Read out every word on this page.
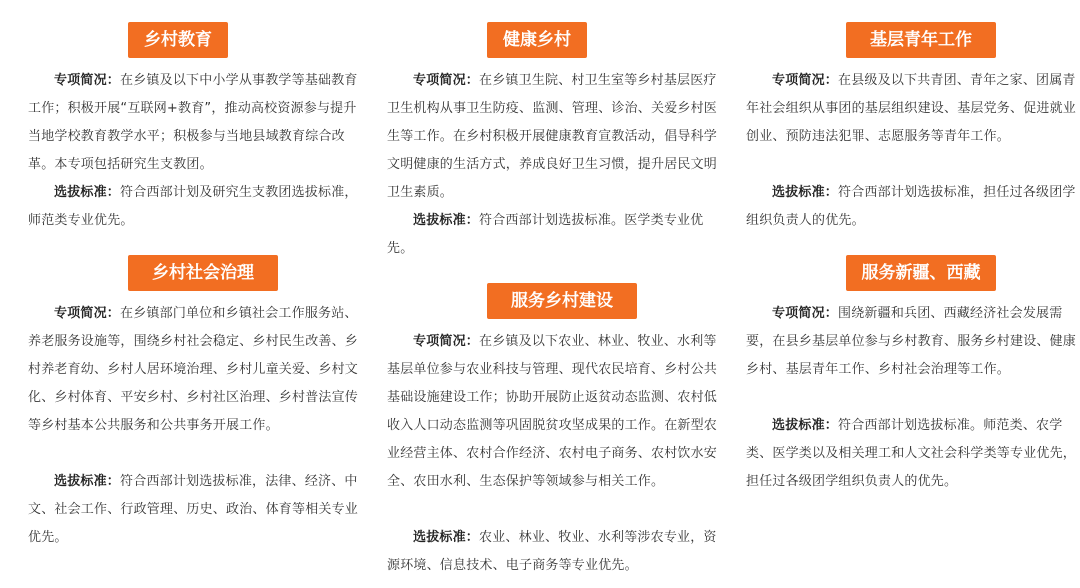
乡村教育

专项简况：在乡镇及以下中小学从事教学等基础教育工作；积极开展“互联网+教育”，推动高校资源参与提升当地学校教育教学水平；积极参与当地县域教育综合改革。本专项包括研究生支教团。

选拔标准：符合西部计划及研究生支教团选拔标准，师范类专业优先。

健康乡村

专项简况：在乡镇卫生院、村卫生室等乡村基层医疗卫生机构从事卫生防疫、监测、管理、诊治、关爱乡村医生等工作。在乡村积极开展健康教育宣教活动，倡导科学文明健康的生活方式，养成良好卫生习惯，提升居民文明卫生素质。

选拔标准：符合西部计划选拔标准。医学类专业优先。

基层青年工作

专项简况：在县级及以下共青团、青年之家、团属青年社会组织从事团的基层组织建设、基层党务、促进就业创业、预防违法犯罪、志愿服务等青年工作。

选拔标准：符合西部计划选拔标准，担任过各级团学组织负责人的优先。

乡村社会治理

专项简况：在乡镇部门单位和乡镇社会工作服务站、养老服务设施等，围绕乡村社会稳定、乡村民生改善、乡村养老育幼、乡村人居环境治理、乡村儿童关爱、乡村文化、乡村体育、平安乡村、乡村社区治理、乡村普法宣传等乡村基本公共服务和公共事务开展工作。

选拔标准：符合西部计划选拔标准，法律、经济、中文、社会工作、行政管理、历史、政治、体育等相关专业优先。

服务乡村建设

专项简况：在乡镇及以下农业、林业、牧业、水利等基层单位参与农业科技与管理、现代农民培育、乡村公共基础设施建设工作；协助开展防止返贫动态监测、农村低收入人口动态监测等巩固脱贫攻坚成果的工作。在新型农业经营主体、农村合作经济、农村电子商务、农村饮水安全、农田水利、生态保护等领域参与相关工作。

选拔标准：农业、林业、牧业、水利等涉农专业，资源环境、信息技术、电子商务等专业优先。

服务新疆、西藏

专项简况：围绕新疆和兵团、西藏经济社会发展需要，在县乡基层单位参与乡村教育、服务乡村建设、健康乡村、基层青年工作、乡村社会治理等工作。

选拔标准：符合西部计划选拔标准。师范类、农学类、医学类以及相关理工和人文社会科学类等专业优先，担任过各级团学组织负责人的优先。
